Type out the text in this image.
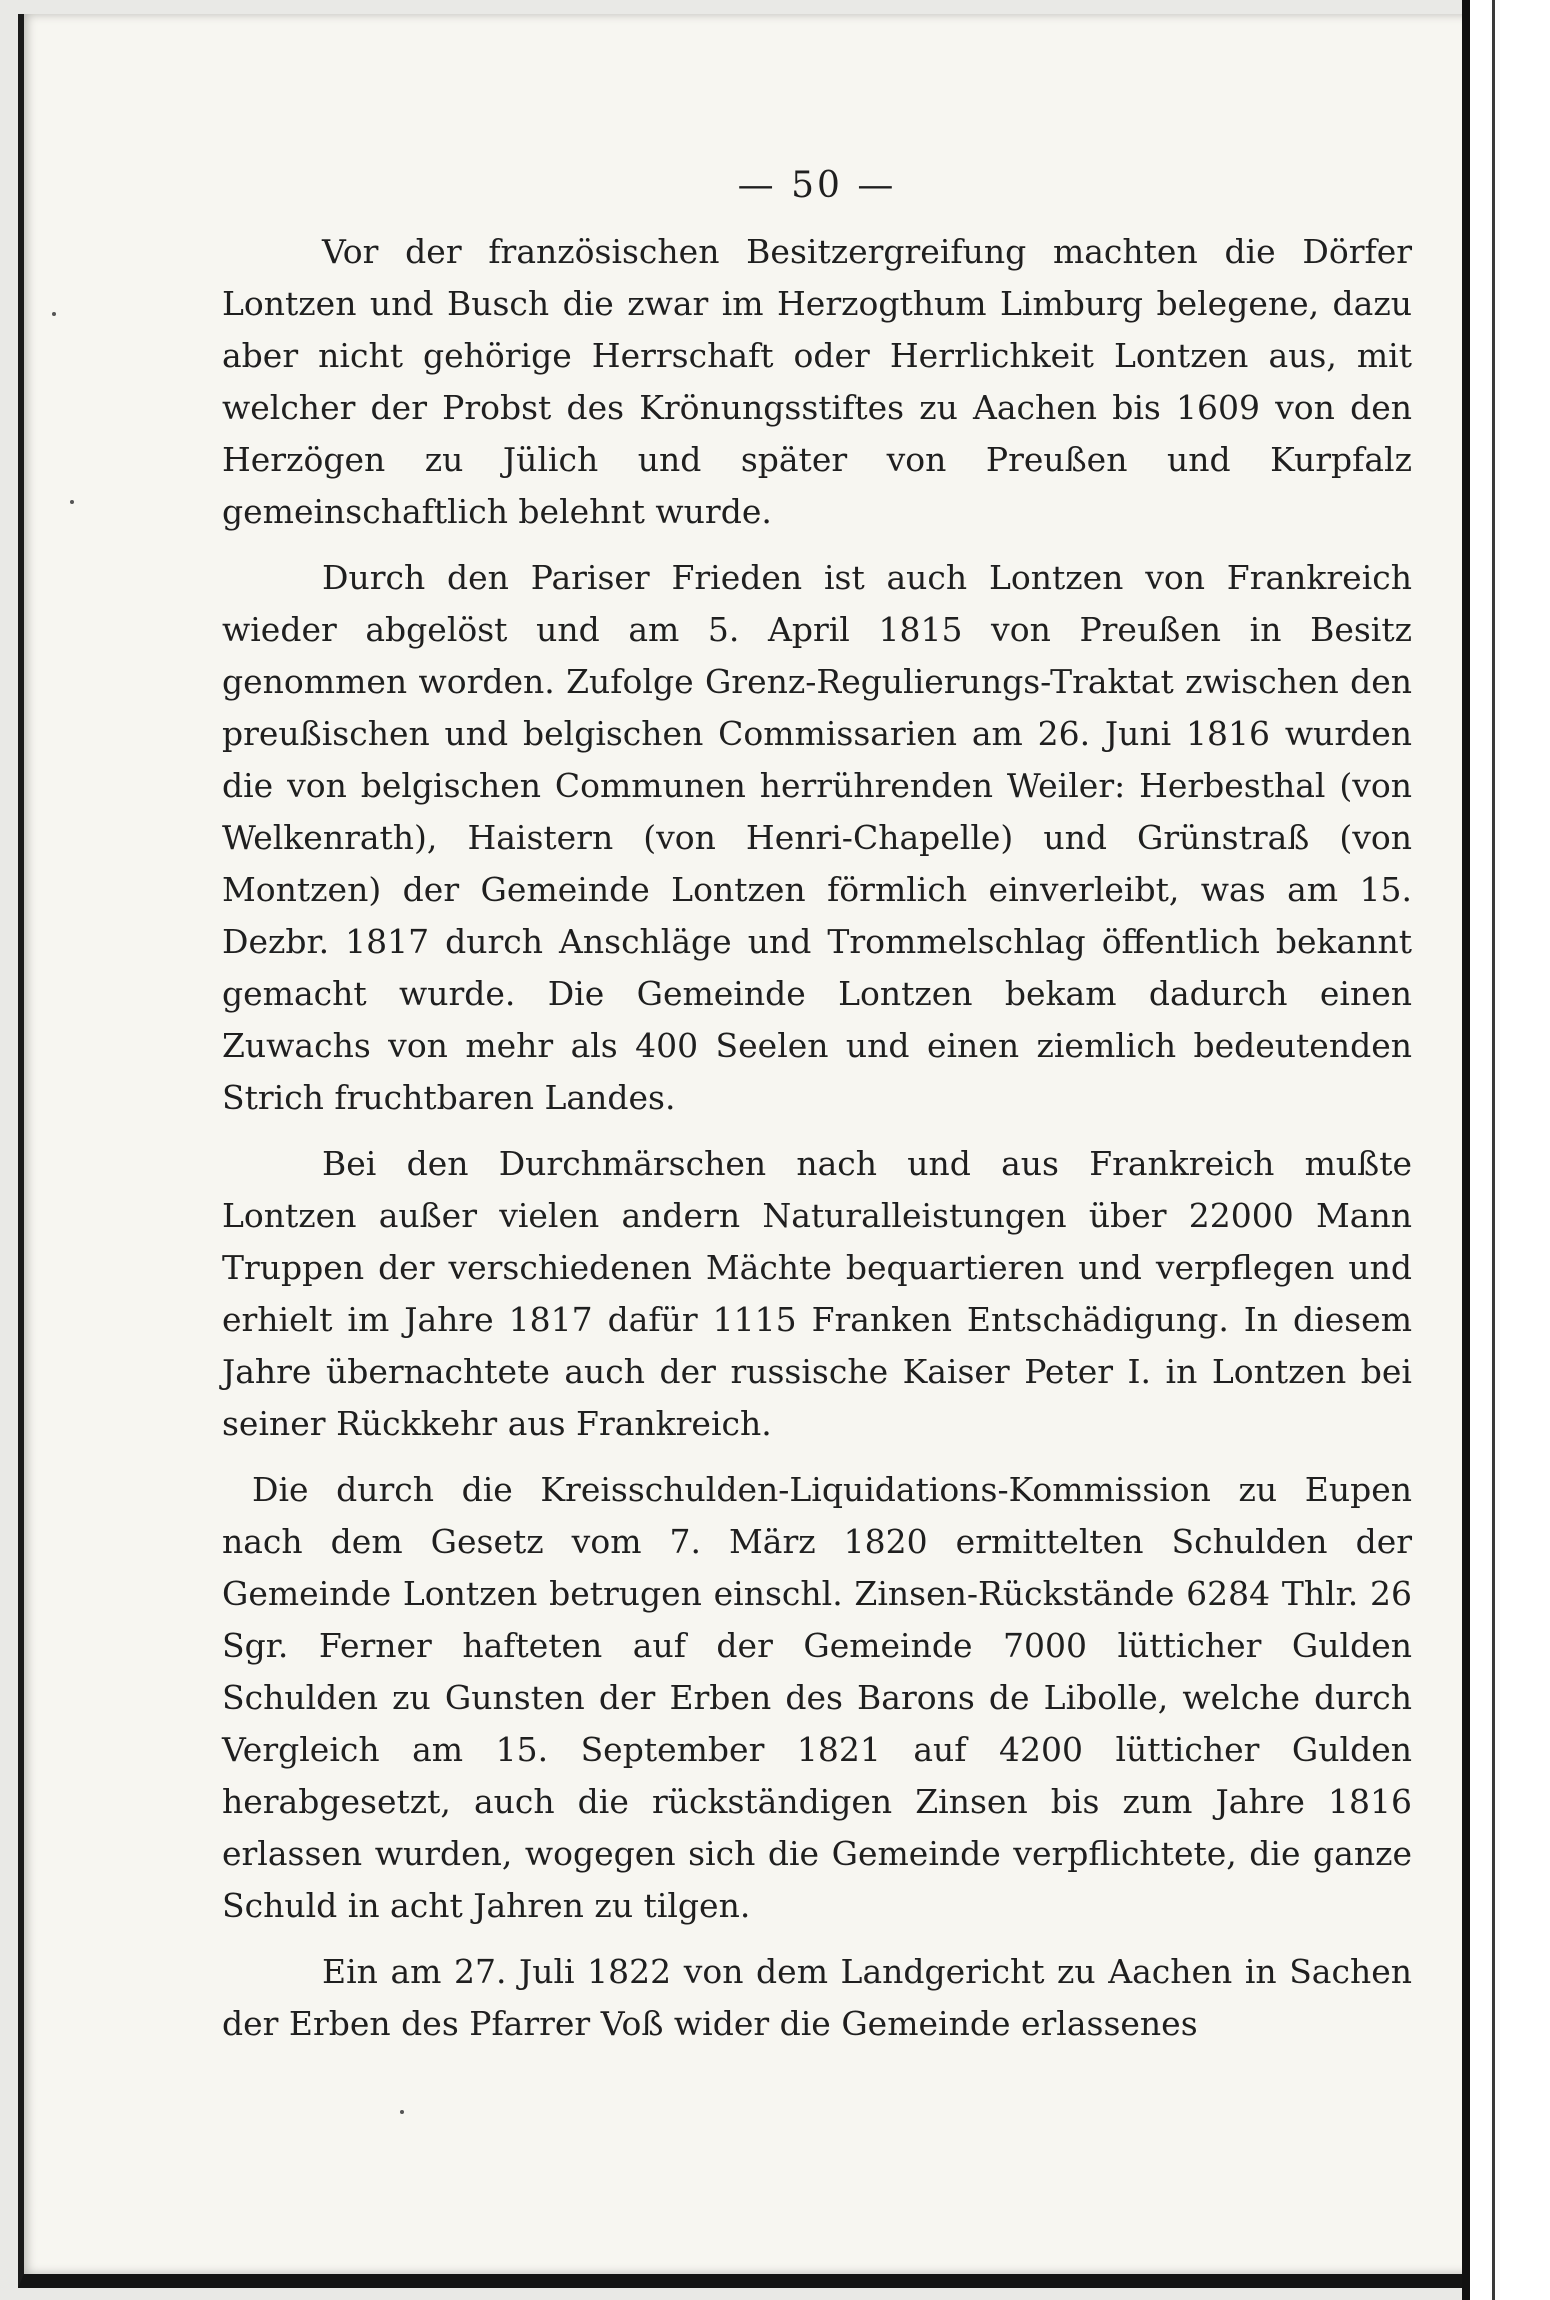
— 50 —

Vor der französischen Besitzergreifung machten die Dörfer Lontzen und Busch die zwar im Herzogthum Limburg belegene, dazu aber nicht gehörige Herrschaft oder Herrlichkeit Lontzen aus, mit welcher der Probst des Krönungsstiftes zu Aachen bis 1609 von den Herzögen zu Jülich und später von Preußen und Kurpfalz gemeinschaftlich belehnt wurde.

Durch den Pariser Frieden ist auch Lontzen von Frankreich wieder abgelöst und am 5. April 1815 von Preußen in Besitz genommen worden. Zufolge Grenz-Regulierungs-Traktat zwischen den preußischen und belgischen Commissarien am 26. Juni 1816 wurden die von belgischen Communen herrührenden Weiler: Herbesthal (von Welkenrath), Haistern (von Henri-Chapelle) und Grünstraß (von Montzen) der Gemeinde Lontzen förmlich einverleibt, was am 15. Dezbr. 1817 durch Anschläge und Trommelschlag öffentlich bekannt gemacht wurde. Die Gemeinde Lontzen bekam dadurch einen Zuwachs von mehr als 400 Seelen und einen ziemlich bedeutenden Strich fruchtbaren Landes.

Bei den Durchmärschen nach und aus Frankreich mußte Lontzen außer vielen andern Naturalleistungen über 22000 Mann Truppen der verschiedenen Mächte bequartieren und verpflegen und erhielt im Jahre 1817 dafür 1115 Franken Entschädigung. In diesem Jahre übernachtete auch der russische Kaiser Peter I. in Lontzen bei seiner Rückkehr aus Frankreich.

Die durch die Kreisschulden-Liquidations-Kommission zu Eupen nach dem Gesetz vom 7. März 1820 ermittelten Schulden der Gemeinde Lontzen betrugen einschl. Zinsen-Rückstände 6284 Thlr. 26 Sgr. Ferner hafteten auf der Gemeinde 7000 lütticher Gulden Schulden zu Gunsten der Erben des Barons de Libolle, welche durch Vergleich am 15. September 1821 auf 4200 lütticher Gulden herabgesetzt, auch die rückständigen Zinsen bis zum Jahre 1816 erlassen wurden, wogegen sich die Gemeinde verpflichtete, die ganze Schuld in acht Jahren zu tilgen.

Ein am 27. Juli 1822 von dem Landgericht zu Aachen in Sachen der Erben des Pfarrer Voß wider die Gemeinde erlassenes
